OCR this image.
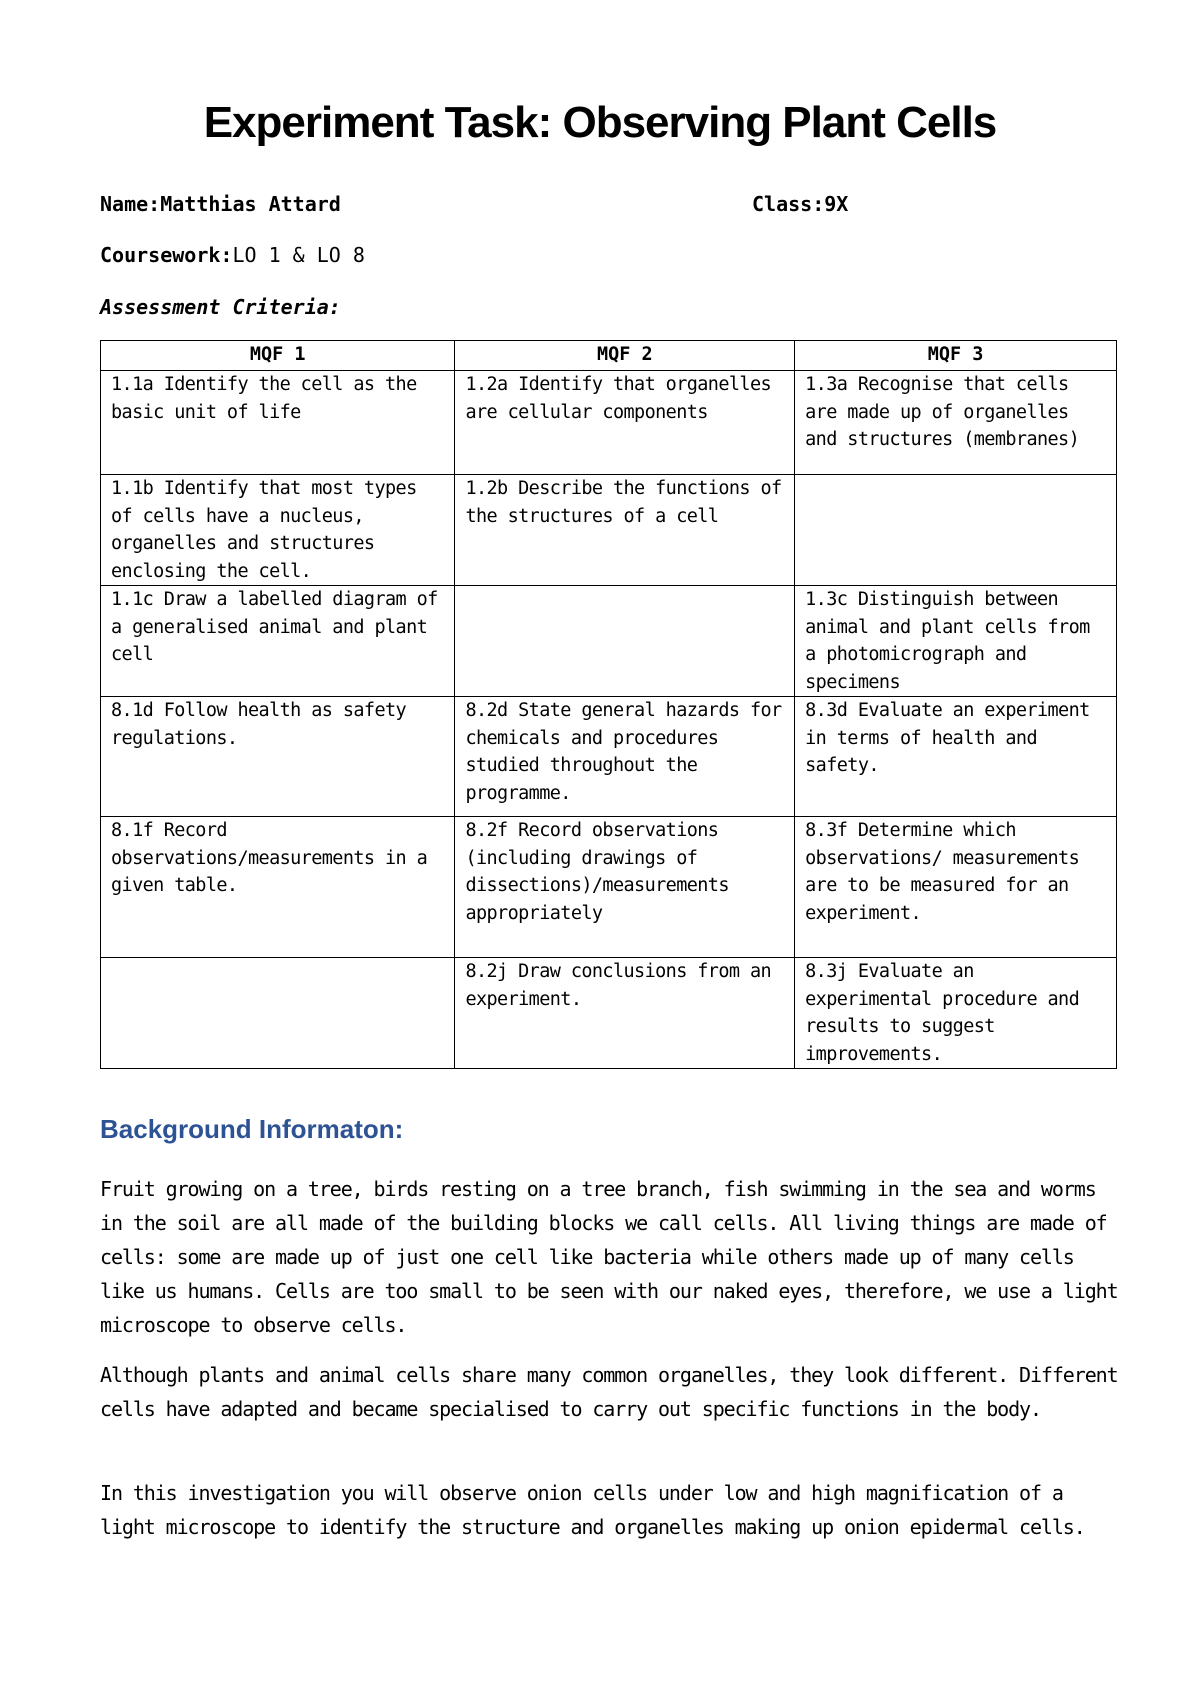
Experiment Task: Observing Plant Cells
Name:Matthias Attard	Class:9X
Coursework:LO 1 & LO 8
Assessment Criteria:
MQF 1	MQF 2	MQF 3
1.1a Identify the cell as the basic unit of life	1.2a Identify that organelles are cellular components	1.3a Recognise that cells are made up of organelles and structures (membranes)
1.1b Identify that most types of cells have a nucleus, organelles and structures enclosing the cell.	1.2b Describe the functions of the structures of a cell	
1.1c Draw a labelled diagram of a generalised animal and plant cell		1.3c Distinguish between animal and plant cells from a photomicrograph and specimens
8.1d Follow health as safety regulations.	8.2d State general hazards for chemicals and procedures studied throughout the programme.	8.3d Evaluate an experiment in terms of health and safety.
8.1f Record observations/measurements in a given table.	8.2f Record observations (including drawings of dissections)/measurements appropriately	8.3f Determine which observations/ measurements are to be measured for an experiment.
	8.2j Draw conclusions from an experiment.	8.3j Evaluate an experimental procedure and results to suggest improvements.
Background Informaton:

Fruit growing on a tree, birds resting on a tree branch, fish swimming in the sea and worms in the soil are all made of the building blocks we call cells. All living things are made of cells: some are made up of just one cell like bacteria while others made up of many cells like us humans. Cells are too small to be seen with our naked eyes, therefore, we use a light microscope to observe cells.

Although plants and animal cells share many common organelles, they look different. Different cells have adapted and became specialised to carry out specific functions in the body.

In this investigation you will observe onion cells under low and high magnification of a light microscope to identify the structure and organelles making up onion epidermal cells.
